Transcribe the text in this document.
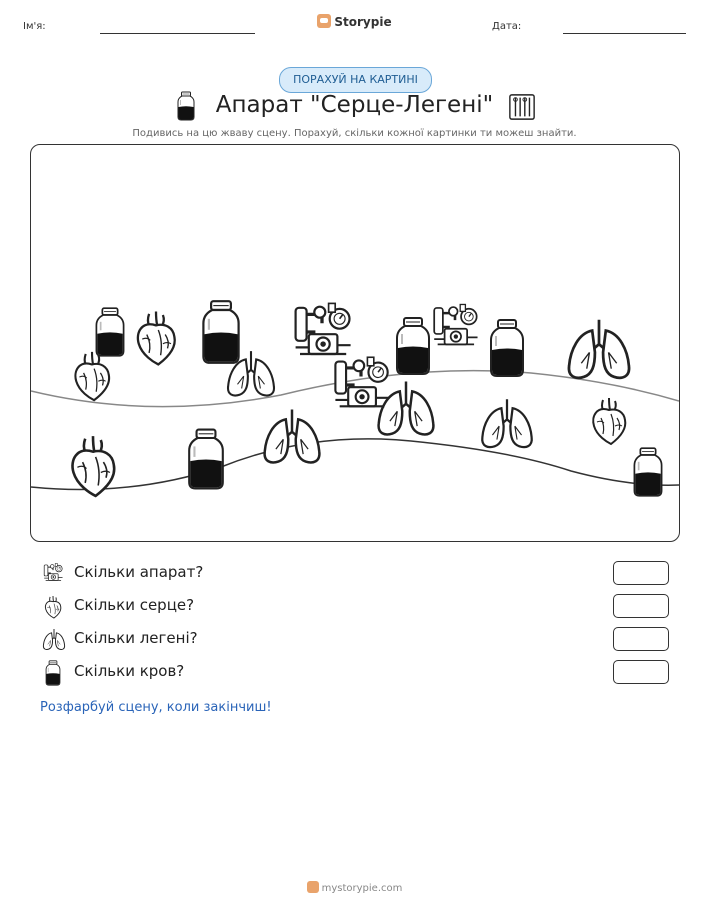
Ім'я:	Storypie	Дата:
ПОРАХУЙ НА КАРТИНІ
Апарат "Серце-Легені"
Подивись на цю жваву сцену. Порахуй, скільки кожної картинки ти можеш знайти.
Скільки апарат?
Скільки серце?
Скільки легені?
Скільки кров?
Розфарбуй сцену, коли закінчиш!
mystorypie.com
